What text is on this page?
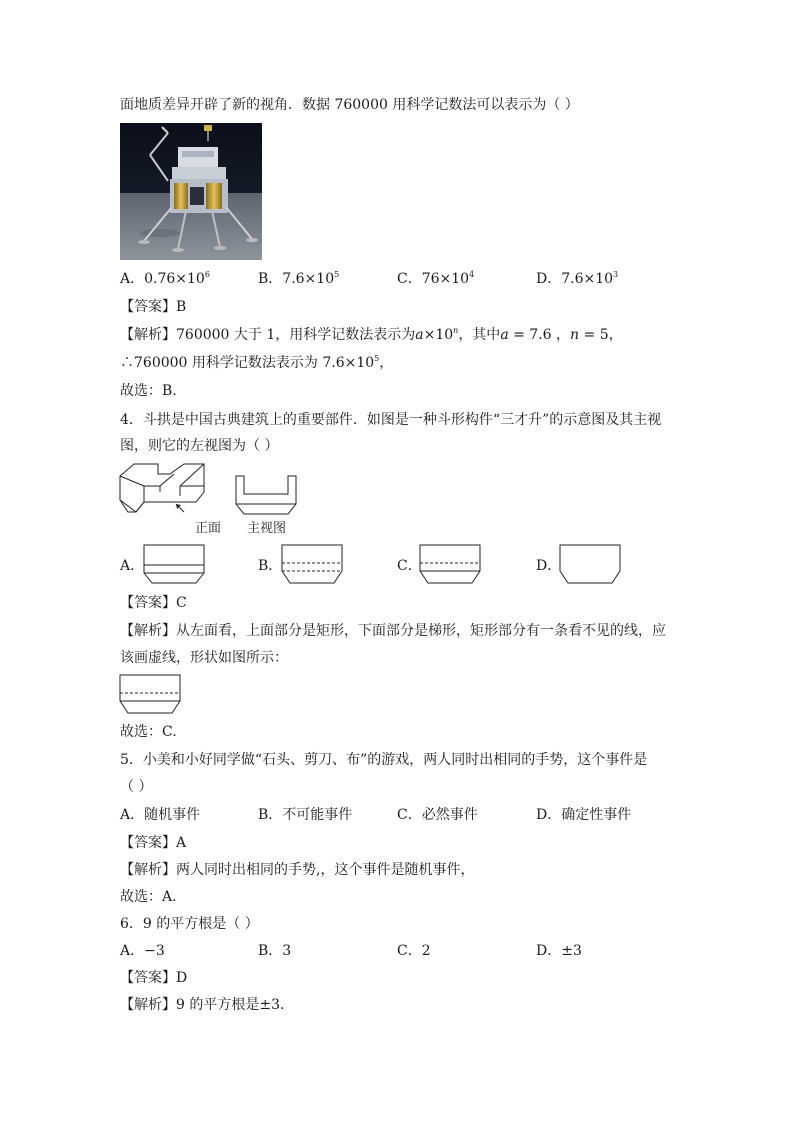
面地质差异开辟了新的视角．数据 760000 用科学记数法可以表示为（ ）
A．$0.76\times 10^6$	B．$7.6\times 10^5$	C．$76\times 10^4$	D．$7.6\times 10^3$
【答案】B
【解析】760000 大于 1，用科学记数法表示为$a\times 10^n$，其中a = 7.6 ，n = 5，
∴760000 用科学记数法表示为 $7.6\times 10^5$，
故选：B.
4．斗拱是中国古典建筑上的重要部件．如图是一种斗形构件“三才升”的示意图及其主视
图，则它的左视图为（ ）
正面 主视图
A．	B．	C．	D．
【答案】C
【解析】从左面看，上面部分是矩形，下面部分是梯形，矩形部分有一条看不见的线，应
该画虚线，形状如图所示：
故选：C.
5．小美和小好同学做“石头、剪刀、布”的游戏，两人同时出相同的手势，这个事件是
（ ）
A．随机事件	B．不可能事件	C．必然事件	D．确定性事件
【答案】A
【解析】两人同时出相同的手势,，这个事件是随机事件，
故选：A.
6．9 的平方根是（ ）
A．−3	B．3	C．2	D．±3
【答案】D
【解析】9 的平方根是±3．
